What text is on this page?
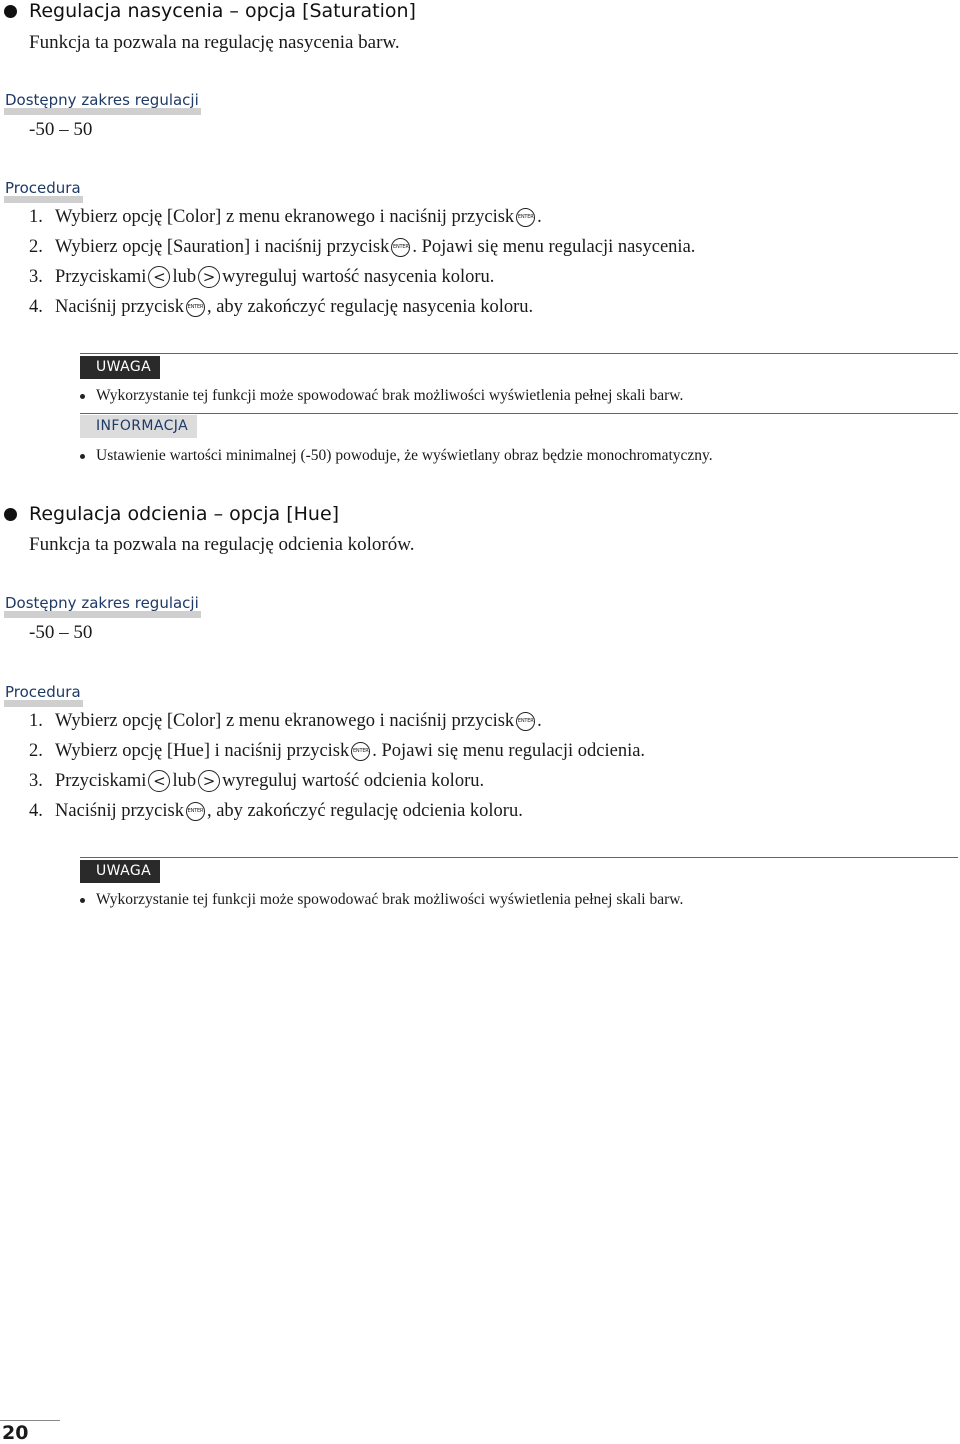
Regulacja nasycenia – opcja [Saturation]

Funkcja ta pozwala na regulację nasycenia barw.

Dostępny zakres regulacji
-50 – 50
Procedura
1. Wybierz opcję [Color] z menu ekranowego i naciśnij przycisk ENTER .
2. Wybierz opcję [Sauration] i naciśnij przycisk ENTER . Pojawi się menu regulacji nasycenia.
3. Przyciskami < lub > wyreguluj wartość nasycenia koloru.
4. Naciśnij przycisk ENTER , aby zakończyć regulację nasycenia koloru.
UWAGA
Wykorzystanie tej funkcji może spowodować brak możliwości wyświetlenia pełnej skali barw.
INFORMACJA
Ustawienie wartości minimalnej (-50) powoduje, że wyświetlany obraz będzie monochromatyczny.
Regulacja odcienia – opcja [Hue]

Funkcja ta pozwala na regulację odcienia kolorów.

Dostępny zakres regulacji
-50 – 50
Procedura
1. Wybierz opcję [Color] z menu ekranowego i naciśnij przycisk ENTER .
2. Wybierz opcję [Hue] i naciśnij przycisk ENTER . Pojawi się menu regulacji odcienia.
3. Przyciskami < lub > wyreguluj wartość odcienia koloru.
4. Naciśnij przycisk ENTER , aby zakończyć regulację odcienia koloru.
UWAGA
Wykorzystanie tej funkcji może spowodować brak możliwości wyświetlenia pełnej skali barw.
20
